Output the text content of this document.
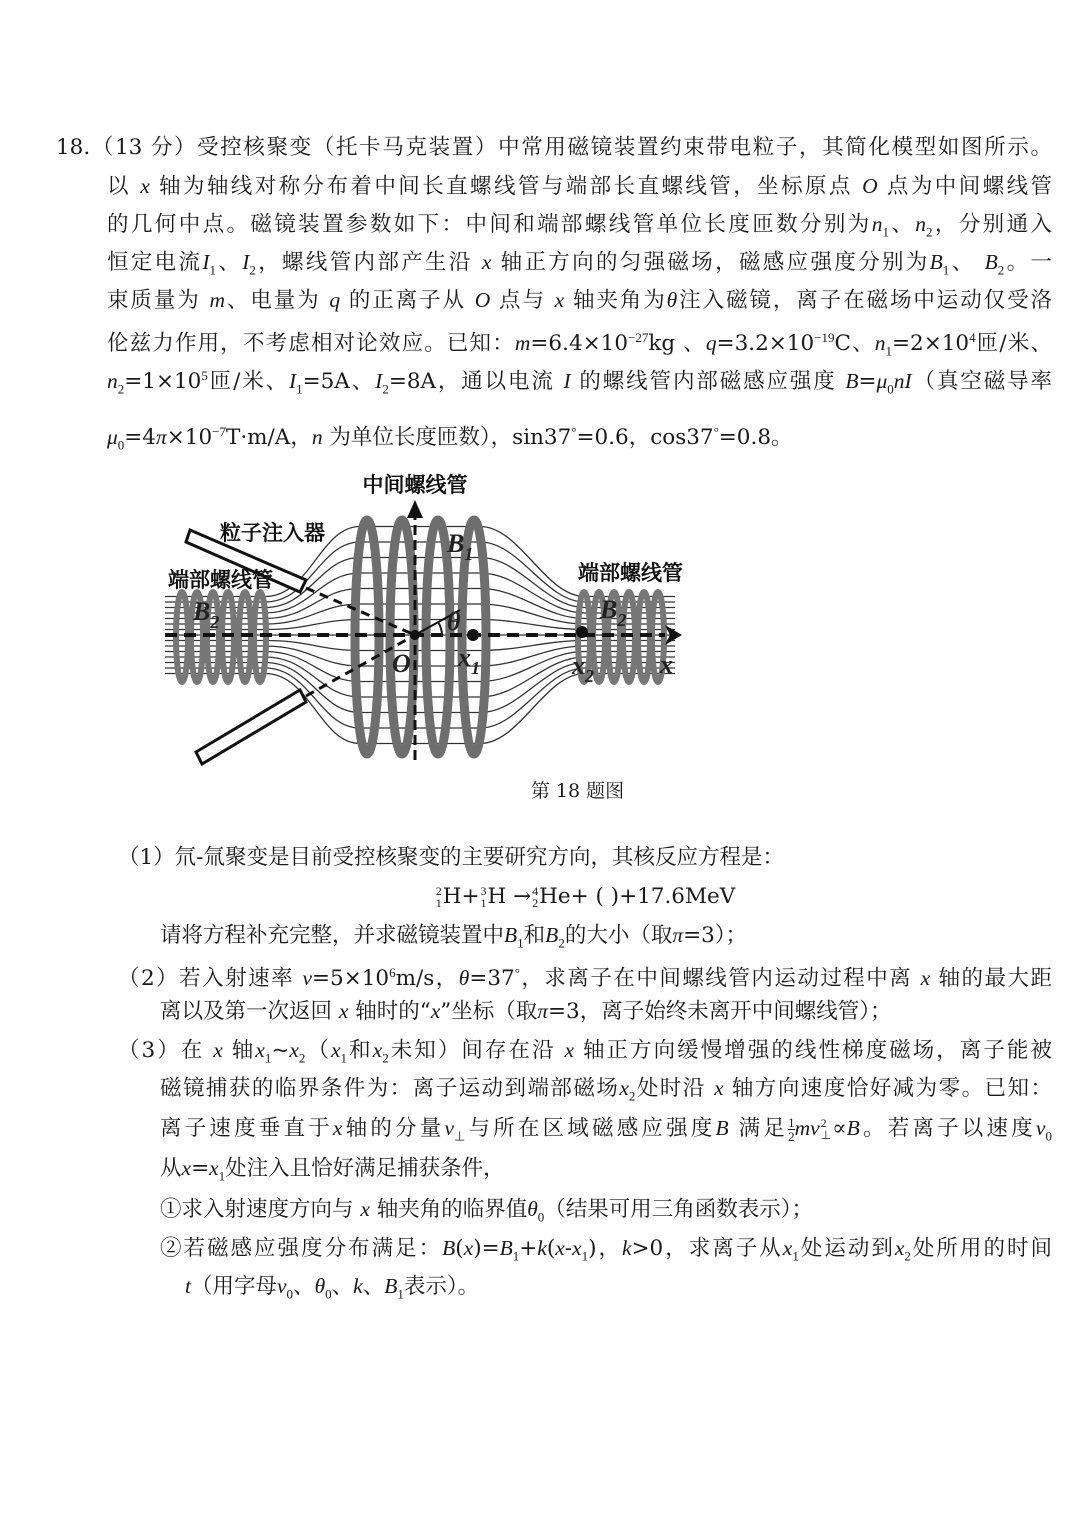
18.（13 分）受控核聚变（托卡马克装置）中常用磁镜装置约束带电粒子，其简化模型如图所示。
以 x 轴为轴线对称分布着中间长直螺线管与端部长直螺线管，坐标原点 O 点为中间螺线管
的几何中点。磁镜装置参数如下：中间和端部螺线管单位长度匝数分别为$n_1$、$n_2$，分别通入
恒定电流$I_1$、$I_2$，螺线管内部产生沿 x 轴正方向的匀强磁场，磁感应强度分别为$B_1$、 $B_2$。一
束质量为 m、电量为 q 的正离子从 O 点与 x 轴夹角为θ注入磁镜，离子在磁场中运动仅受洛
伦兹力作用，不考虑相对论效应。已知：$m=6.4\times 10^{-27}kg$ 、$q=3.2\times 10^{-19}C$、$n_1=2\times 10^4$匝/米、
$n_2=1\times 10^5$匝/米、$I_1=5A$、$I_2=8A$，通以电流 I 的螺线管内部磁感应强度 $B=\mu_0nI$（真空磁导率
$\mu_0=4\pi\times 10^{-7}T\cdot m/A$，n 为单位长度匝数），sin37°=0.6，cos37°=0.8。
中间螺线管
粒子注入器
端部螺线管	端部螺线管
$B_1$
$B_2$	$B_2$
O
θ
$x_1$	$x_2$	x
第 18 题图
（1）氘-氚聚变是目前受控核聚变的主要研究方向，其核反应方程是：
2
1 H+ 3
1 H → 4
2 He+ ( )+17.6MeV
请将方程补充完整，并求磁镜装置中$B_1$和$B_2$的大小（取π=3）；
（2）若入射速率 $v=5\times 10^6m/s$，θ=37°，求离子在中间螺线管内运动过程中离 x 轴的最大距
离以及第一次返回 x 轴时的“x”坐标（取π=3，离子始终未离开中间螺线管）；
（3）在 x 轴$x_1\sim x_2(x_1$和$x_2$未知）间存在沿 x 轴正方向缓慢增强的线性梯度磁场，离子能被
磁镜捕获的临界条件为：离子运动到端部磁场$x_2$处时沿 x 轴方向速度恰好减为零。已知：
离子速度垂直于x轴的分量$v_\perp$与所在区域磁感应强度B 满足 $\frac{1}{2}$ mv 2
⊥ ∝B。若离子以速度$v_0$
从$x=x_1$处注入且恰好满足捕获条件，
①求入射速度方向与 x 轴夹角的临界值$\theta_0$（结果可用三角函数表示）；
②若磁感应强度分布满足：$B(x)=B_1+k(x-x_1)$，k>0，求离子从$x_1$处运动到$x_2$处所用的时间
t（用字母$v_0$、$\theta_0$、k、$B_1$表示）。
